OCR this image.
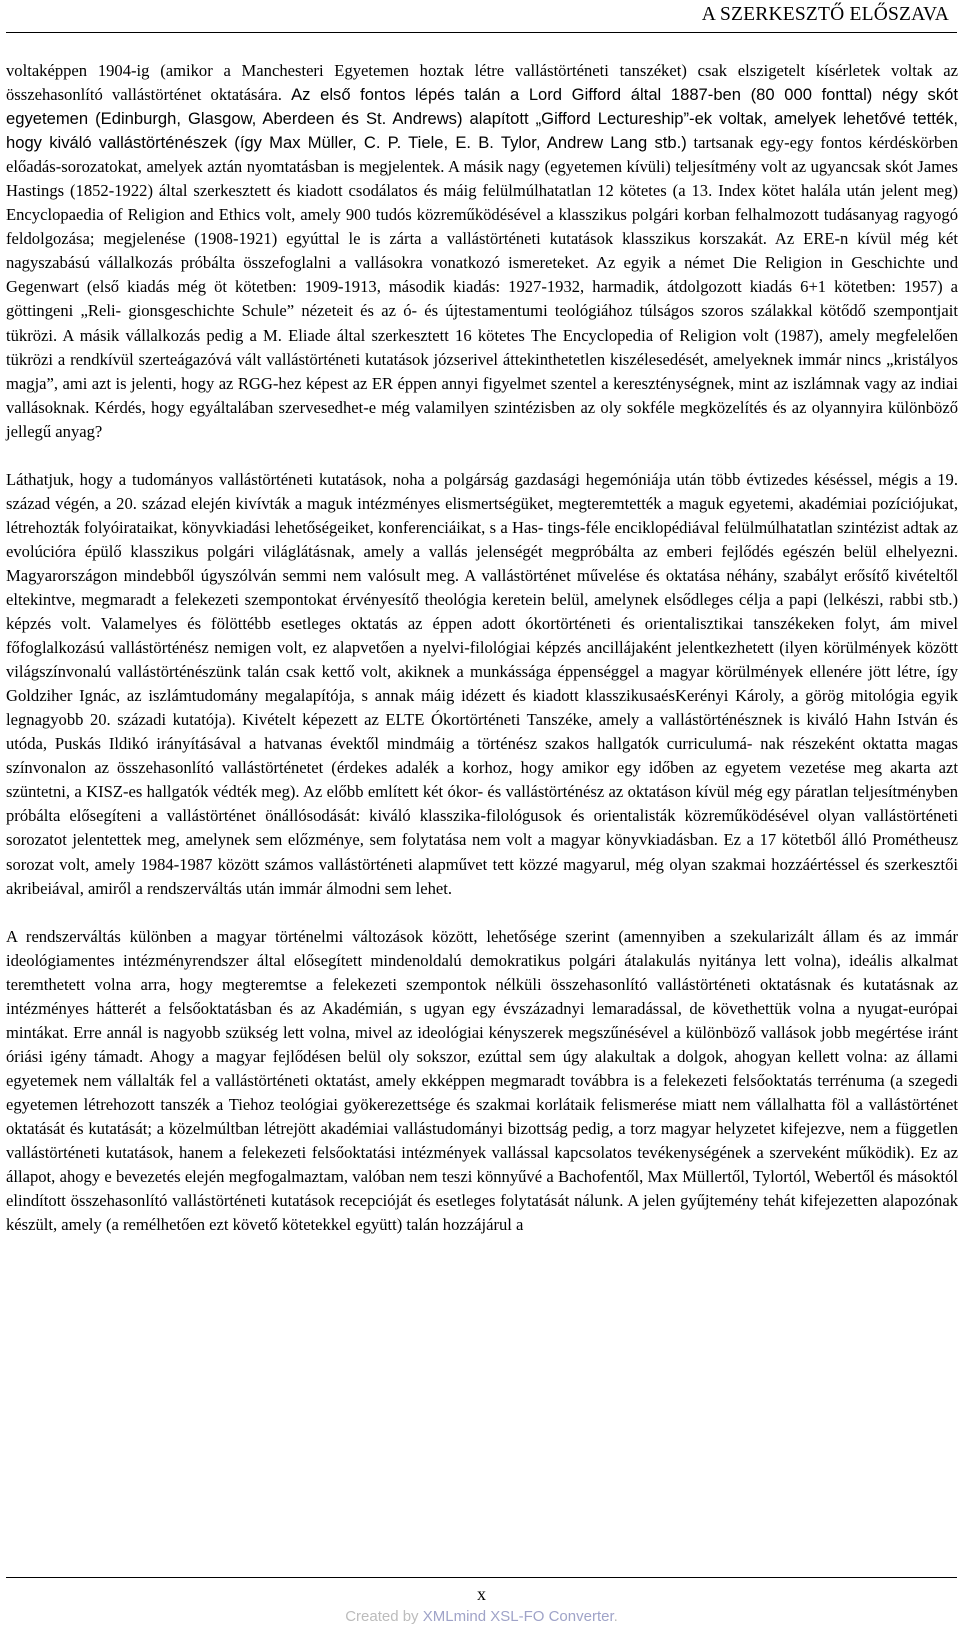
A SZERKESZTŐ ELŐSZAVA

voltaképpen 1904-ig (amikor a Manchesteri Egyetemen hoztak létre vallástörténeti tanszéket) csak elszigetelt kísérletek voltak az összehasonlító vallástörténet oktatására. Az első fontos lépés talán a Lord Gifford által 1887-ben (80 000 fonttal) négy skót egyetemen (Edinburgh, Glasgow, Aberdeen és St. Andrews) alapított „Gifford Lectureship”-ek voltak, amelyek lehetővé tették, hogy kiváló vallástörténészek (így Max Müller, C. P. Tiele, E. B. Tylor, Andrew Lang stb.) tartsanak egy-egy fontos kérdéskörben előadás-sorozatokat, amelyek aztán nyomtatásban is megjelentek. A másik nagy (egyetemen kívüli) teljesítmény volt az ugyancsak skót James Hastings (1852-1922) által szerkesztett és kiadott csodálatos és máig felülmúlhatatlan 12 kötetes (a 13. Index kötet halála után jelent meg) Encyclopaedia of Religion and Ethics volt, amely 900 tudós közreműködésével a klasszikus polgári korban felhalmozott tudásanyag ragyogó feldolgozása; megjelenése (1908-1921) egyúttal le is zárta a vallástörténeti kutatások klasszikus korszakát. Az ERE-n kívül még két nagyszabású vállalkozás próbálta összefoglalni a vallásokra vonatkozó ismereteket. Az egyik a német Die Religion in Geschichte und Gegenwart (első kiadás még öt kötetben: 1909-1913, második kiadás: 1927-1932, harmadik, átdolgozott kiadás 6+1 kötetben: 1957) a göttingeni „Reli- gionsgeschichte Schule” nézeteit és az ó- és újtestamentumi teológiához túlságos szoros szálakkal kötődő szempontjait tükrözi. A másik vállalkozás pedig a M. Eliade által szerkesztett 16 kötetes The Encyclopedia of Religion volt (1987), amely megfelelően tükrözi a rendkívül szerteágazóvá vált vallástörténeti kutatások józserivel áttekinthetetlen kiszélesedését, amelyeknek immár nincs „kristályos magja”, ami azt is jelenti, hogy az RGG-hez képest az ER éppen annyi figyelmet szentel a kereszténységnek, mint az iszlámnak vagy az indiai vallásoknak. Kérdés, hogy egyáltalában szervesedhet-e még valamilyen szintézisben az oly sokféle megközelítés és az olyannyira különböző jellegű anyag?

Láthatjuk, hogy a tudományos vallástörténeti kutatások, noha a polgárság gazdasági hegemóniája után több évtizedes késéssel, mégis a 19. század végén, a 20. század elején kivívták a maguk intézményes elismertségüket, megteremtették a maguk egyetemi, akadémiai pozíciójukat, létrehozták folyóirataikat, könyvkiadási lehetőségeiket, konferenciáikat, s a Has- tings-féle enciklopédiával felülmúlhatatlan szintézist adtak az evolúcióra épülő klasszikus polgári világlátásnak, amely a vallás jelenségét megpróbálta az emberi fejlődés egészén belül elhelyezni. Magyarországon mindebből úgyszólván semmi nem valósult meg. A vallástörténet művelése és oktatása néhány, szabályt erősítő kivételtől eltekintve, megmaradt a felekezeti szempontokat érvényesítő theológia keretein belül, amelynek elsődleges célja a papi (lelkészi, rabbi stb.) képzés volt. Valamelyes és fölöttébb esetleges oktatás az éppen adott ókortörténeti és orientalisztikai tanszékeken folyt, ám mivel főfoglalkozású vallástörténész nemigen volt, ez alapvetően a nyelvi-filológiai képzés ancillájaként jelentkezhetett (ilyen körülmények között világszínvonalú vallástörténészünk talán csak kettő volt, akiknek a munkássága éppenséggel a magyar körülmények ellenére jött létre, így Goldziher Ignác, az iszlámtudomány megalapítója, s annak máig idézett és kiadott klasszikusaésKerényi Károly, a görög mitológia egyik legnagyobb 20. századi kutatója). Kivételt képezett az ELTE Ókortörténeti Tanszéke, amely a vallástörténésznek is kiváló Hahn István és utóda, Puskás Ildikó irányításával a hatvanas évektől mindmáig a történész szakos hallgatók curriculumá- nak részeként oktatta magas színvonalon az összehasonlító vallástörténetet (érdekes adalék a korhoz, hogy amikor egy időben az egyetem vezetése meg akarta azt szüntetni, a KISZ-es hallgatók védték meg). Az előbb említett két ókor- és vallástörténész az oktatáson kívül még egy páratlan teljesítményben próbálta elősegíteni a vallástörténet önállósodását: kiváló klasszika-filológusok és orientalisták közreműködésével olyan vallástörténeti sorozatot jelentettek meg, amelynek sem előzménye, sem folytatása nem volt a magyar könyvkiadásban. Ez a 17 kötetből álló Prométheusz sorozat volt, amely 1984-1987 között számos vallástörténeti alapművet tett közzé magyarul, még olyan szakmai hozzáértéssel és szerkesztői akribeiával, amiről a rendszerváltás után immár álmodni sem lehet.

A rendszerváltás különben a magyar történelmi változások között, lehetősége szerint (amennyiben a szekularizált állam és az immár ideológiamentes intézményrendszer által elősegített mindenoldalú demokratikus polgári átalakulás nyitánya lett volna), ideális alkalmat teremthetett volna arra, hogy megteremtse a felekezeti szempontok nélküli összehasonlító vallástörténeti oktatásnak és kutatásnak az intézményes hátterét a felsőoktatásban és az Akadémián, s ugyan egy évszázadnyi lemaradással, de követhettük volna a nyugat-európai mintákat. Erre annál is nagyobb szükség lett volna, mivel az ideológiai kényszerek megszűnésével a különböző vallások jobb megértése iránt óriási igény támadt. Ahogy a magyar fejlődésen belül oly sokszor, ezúttal sem úgy alakultak a dolgok, ahogyan kellett volna: az állami egyetemek nem vállalták fel a vallástörténeti oktatást, amely ekképpen megmaradt továbbra is a felekezeti felsőoktatás terrénuma (a szegedi egyetemen létrehozott tanszék a Tiehoz teológiai gyökerezettsége és szakmai korlátaik felismerése miatt nem vállalhatta föl a vallástörténet oktatását és kutatását; a közelmúltban létrejött akadémiai vallástudományi bizottság pedig, a torz magyar helyzetet kifejezve, nem a független vallástörténeti kutatások, hanem a felekezeti felsőoktatási intézmények vallással kapcsolatos tevékenységének a szerveként működik). Ez az állapot, ahogy e bevezetés elején megfogalmaztam, valóban nem teszi könnyűvé a Bachofentől, Max Müllertől, Tylortól, Webertől és másoktól elindított összehasonlító vallástörténeti kutatások recepcióját és esetleges folytatását nálunk. A jelen gyűjtemény tehát kifejezetten alapozónak készült, amely (a remélhetően ezt követő kötetekkel együtt) talán hozzájárul a

x
Created by XMLmind XSL-FO Converter.
